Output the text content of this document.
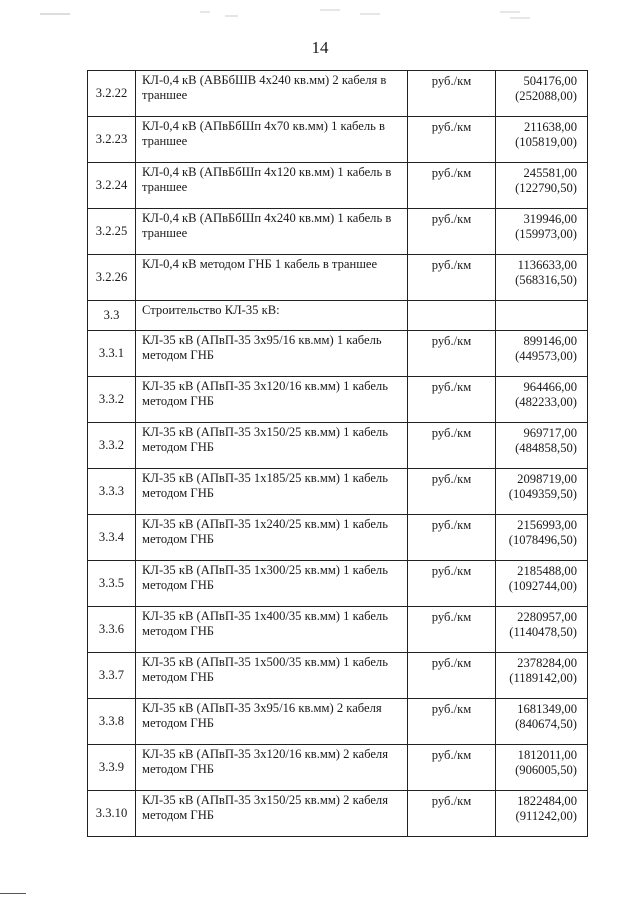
14
3.2.22	КЛ-0,4 кВ (АВБбШВ 4х240 кв.мм) 2 кабеля в траншее	руб./км	504176,00
(252088,00)

3.2.23	КЛ-0,4 кВ (АПвБбШп 4х70 кв.мм) 1 кабель в траншее	руб./км	211638,00
(105819,00)

3.2.24	КЛ-0,4 кВ (АПвБбШп 4х120 кв.мм) 1 кабель в траншее	руб./км	245581,00
(122790,50)

3.2.25	КЛ-0,4 кВ (АПвБбШп 4х240 кв.мм) 1 кабель в траншее	руб./км	319946,00
(159973,00)

3.2.26	КЛ-0,4 кВ методом ГНБ 1 кабель в траншее	руб./км	1136633,00
(568316,50)

3.3	Строительство КЛ-35 кВ:		

3.3.1	КЛ-35 кВ (АПвП-35 3х95/16 кв.мм) 1 кабель методом ГНБ	руб./км	899146,00
(449573,00)

3.3.2	КЛ-35 кВ (АПвП-35 3х120/16 кв.мм) 1 кабель методом ГНБ	руб./км	964466,00
(482233,00)

3.3.2	КЛ-35 кВ (АПвП-35 3х150/25 кв.мм) 1 кабель методом ГНБ	руб./км	969717,00
(484858,50)

3.3.3	КЛ-35 кВ (АПвП-35 1х185/25 кв.мм) 1 кабель методом ГНБ	руб./км	2098719,00
(1049359,50)

3.3.4	КЛ-35 кВ (АПвП-35 1х240/25 кв.мм) 1 кабель методом ГНБ	руб./км	2156993,00
(1078496,50)

3.3.5	КЛ-35 кВ (АПвП-35 1х300/25 кв.мм) 1 кабель методом ГНБ	руб./км	2185488,00
(1092744,00)

3.3.6	КЛ-35 кВ (АПвП-35 1х400/35 кв.мм) 1 кабель методом ГНБ	руб./км	2280957,00
(1140478,50)

3.3.7	КЛ-35 кВ (АПвП-35 1х500/35 кв.мм) 1 кабель методом ГНБ	руб./км	2378284,00
(1189142,00)

3.3.8	КЛ-35 кВ (АПвП-35 3х95/16 кв.мм) 2 кабеля методом ГНБ	руб./км	1681349,00
(840674,50)

3.3.9	КЛ-35 кВ (АПвП-35 3х120/16 кв.мм) 2 кабеля методом ГНБ	руб./км	1812011,00
(906005,50)

3.3.10	КЛ-35 кВ (АПвП-35 3х150/25 кв.мм) 2 кабеля методом ГНБ	руб./км	1822484,00
(911242,00)
